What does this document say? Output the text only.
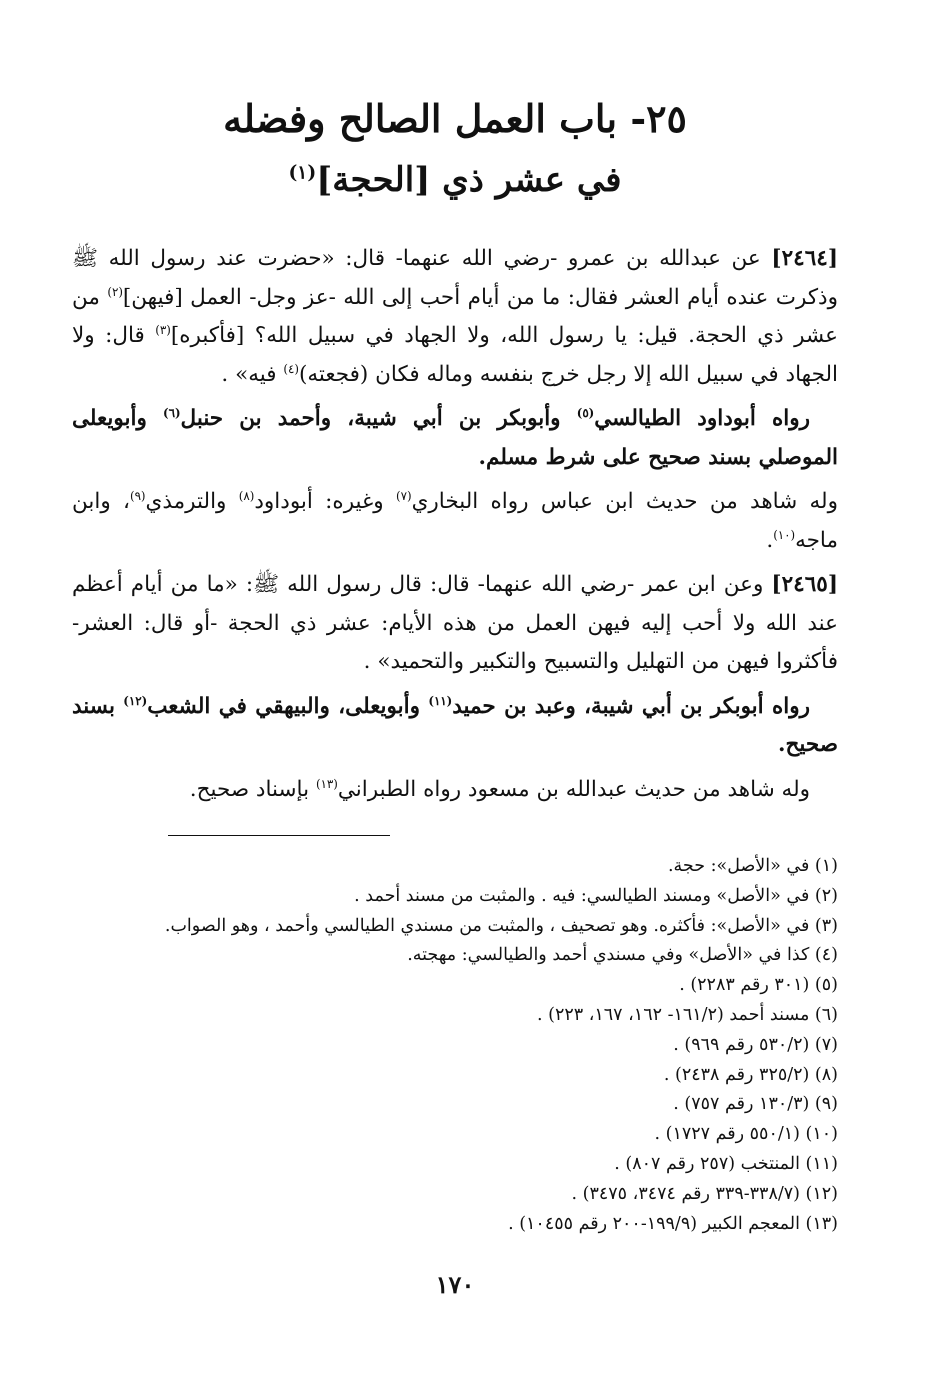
٢٥- باب العمل الصالح وفضله
في عشر ذي [الحجة]$^{(١)}$

[٢٤٦٤] عن عبدالله بن عمرو -رضي الله عنهما- قال: «حضرت عند رسول الله ﷺ وذكرت عنده أيام العشر فقال: ما من أيام أحب إلى الله -عز وجل- العمل [فيهن]$^{(٢)}$ من عشر ذي الحجة. قيل: يا رسول الله، ولا الجهاد في سبيل الله؟ [فأكبره]$^{(٣)}$ قال: ولا الجهاد في سبيل الله إلا رجل خرج بنفسه وماله فكان (فجعته)$^{(٤)}$ فيه» .

رواه أبوداود الطيالسي$^{(٥)}$ وأبوبكر بن أبي شيبة، وأحمد بن حنبل$^{(٦)}$ وأبويعلى الموصلي بسند صحيح على شرط مسلم.

وله شاهد من حديث ابن عباس رواه البخاري$^{(٧)}$ وغيره: أبوداود$^{(٨)}$ والترمذي$^{(٩)}$، وابن ماجه$^{(١٠)}$.

[٢٤٦٥] وعن ابن عمر -رضي الله عنهما- قال: قال رسول الله ﷺ: «ما من أيام أعظم عند الله ولا أحب إليه فيهن العمل من هذه الأيام: عشر ذي الحجة -أو قال: العشر- فأكثروا فيهن من التهليل والتسبيح والتكبير والتحميد» .

رواه أبوبكر بن أبي شيبة، وعبد بن حميد$^{(١١)}$ وأبويعلى، والبيهقي في الشعب$^{(١٢)}$ بسند صحيح.

وله شاهد من حديث عبدالله بن مسعود رواه الطبراني$^{(١٣)}$ بإسناد صحيح.

(١) في «الأصل»: حجة.
(٢) في «الأصل» ومسند الطيالسي: فيه . والمثبت من مسند أحمد .
(٣) في «الأصل»: فأكثره. وهو تصحيف ، والمثبت من مسندي الطيالسي وأحمد ، وهو الصواب.
(٤) كذا في «الأصل» وفي مسندي أحمد والطيالسي: مهجته.
(٥) (٣٠١ رقم ٢٢٨٣) .
(٦) مسند أحمد (١٦١/٢- ١٦٢، ١٦٧، ٢٢٣) .
(٧) (٥٣٠/٢ رقم ٩٦٩) .
(٨) (٣٢٥/٢ رقم ٢٤٣٨) .
(٩) (١٣٠/٣ رقم ٧٥٧) .
(١٠) (٥٥٠/١ رقم ١٧٢٧) .
(١١) المنتخب (٢٥٧ رقم ٨٠٧) .
(١٢) (٣٣٨/٧-٣٣٩ رقم ٣٤٧٤، ٣٤٧٥) .
(١٣) المعجم الكبير (١٩٩/٩-٢٠٠ رقم ١٠٤٥٥) .
١٧٠
